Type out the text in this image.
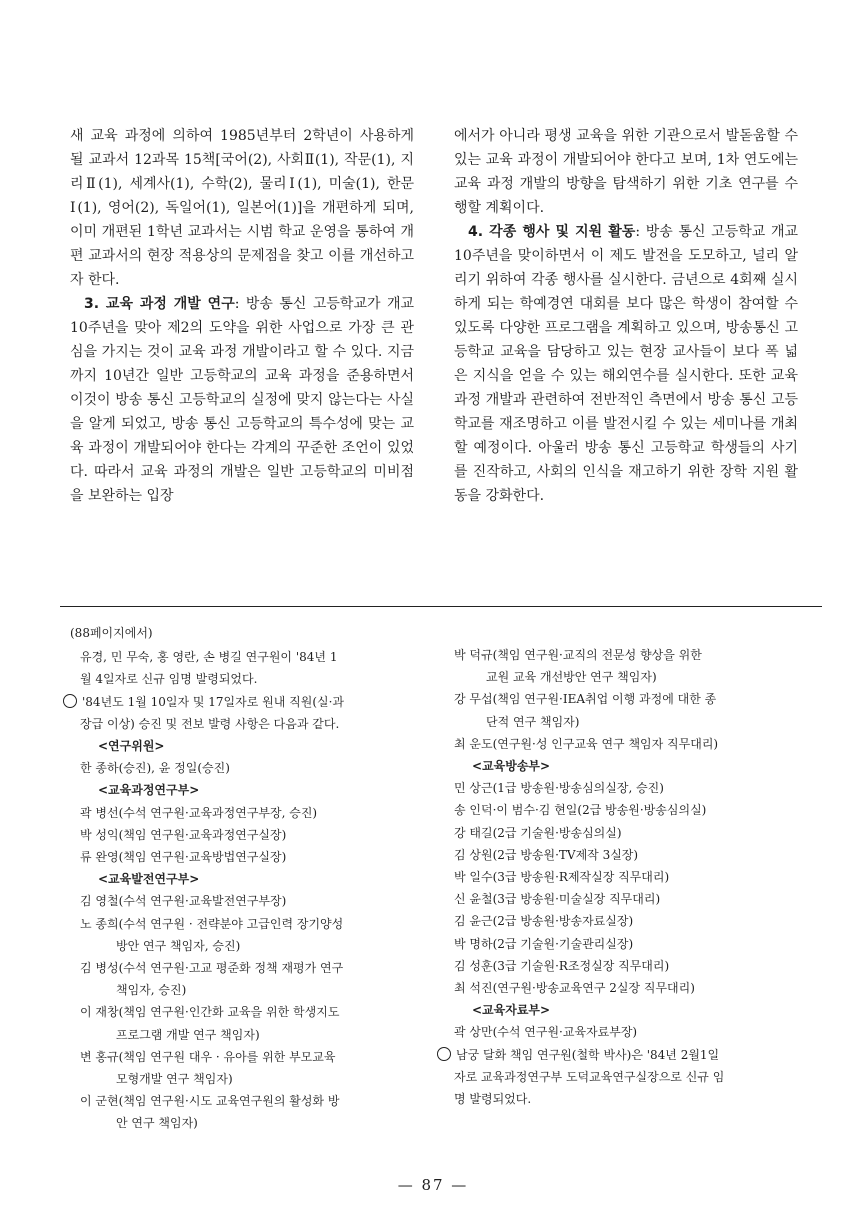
새 교육 과정에 의하여 1985년부터 2학년이 사용하게 될 교과서 12과목 15책[국어(2), 사회Ⅱ(1), 작문(1), 지리Ⅱ(1), 세계사(1), 수학(2), 물리Ⅰ(1), 미술(1), 한문Ⅰ(1), 영어(2), 독일어(1), 일본어(1)]을 개편하게 되며, 이미 개편된 1학년 교과서는 시범 학교 운영을 통하여 개편 교과서의 현장 적용상의 문제점을 찾고 이를 개선하고자 한다.

3. 교육 과정 개발 연구: 방송 통신 고등학교가 개교 10주년을 맞아 제2의 도약을 위한 사업으로 가장 큰 관심을 가지는 것이 교육 과정 개발이라고 할 수 있다. 지금까지 10년간 일반 고등학교의 교육 과정을 준용하면서 이것이 방송 통신 고등학교의 실정에 맞지 않는다는 사실을 알게 되었고, 방송 통신 고등학교의 특수성에 맞는 교육 과정이 개발되어야 한다는 각계의 꾸준한 조언이 있었다. 따라서 교육 과정의 개발은 일반 고등학교의 미비점을 보완하는 입장

에서가 아니라 평생 교육을 위한 기관으로서 발돋움할 수 있는 교육 과정이 개발되어야 한다고 보며, 1차 연도에는 교육 과정 개발의 방향을 탐색하기 위한 기초 연구를 수행할 계획이다.

4. 각종 행사 및 지원 활동: 방송 통신 고등학교 개교 10주년을 맞이하면서 이 제도 발전을 도모하고, 널리 알리기 위하여 각종 행사를 실시한다. 금년으로 4회째 실시하게 되는 학예경연 대회를 보다 많은 학생이 참여할 수 있도록 다양한 프로그램을 계획하고 있으며, 방송통신 고등학교 교육을 담당하고 있는 현장 교사들이 보다 폭 넓은 지식을 얻을 수 있는 해외연수를 실시한다. 또한 교육 과정 개발과 관련하여 전반적인 측면에서 방송 통신 고등학교를 재조명하고 이를 발전시킬 수 있는 세미나를 개최할 예정이다. 아울러 방송 통신 고등학교 학생들의 사기를 진작하고, 사회의 인식을 재고하기 위한 장학 지원 활동을 강화한다.

(88페이지에서)
유경, 민 무숙, 홍 영란, 손 병길 연구원이 '84년 1
월 4일자로 신규 임명 발령되었다.
'84년도 1월 10일자 및 17일자로 원내 직원(실·과
장급 이상) 승진 및 전보 발령 사항은 다음과 같다.
<연구위원>
한 종하(승진), 윤 정일(승진)
<교육과정연구부>
곽 병선(수석 연구원·교육과정연구부장, 승진)
박 성익(책임 연구원·교육과정연구실장)
류 완영(책임 연구원·교육방법연구실장)
<교육발전연구부>
김 영철(수석 연구원·교육발전연구부장)
노 종희(수석 연구원 · 전략분야 고급인력 장기양성
방안 연구 책임자, 승진)
김 병성(수석 연구원·고교 평준화 정책 재평가 연구
책임자, 승진)
이 재창(책임 연구원·인간화 교육을 위한 학생지도
프로그램 개발 연구 책임자)
변 홍규(책임 연구원 대우 · 유아를 위한 부모교육
모형개발 연구 책임자)
이 군현(책임 연구원·시도 교육연구원의 활성화 방
안 연구 책임자)
박 덕규(책임 연구원·교직의 전문성 향상을 위한
교원 교육 개선방안 연구 책임자)
강 무섭(책임 연구원·IEA취업 이행 과정에 대한 종
단적 연구 책임자)
최 운도(연구원·성 인구교육 연구 책임자 직무대리)
<교육방송부>
민 상근(1급 방송원·방송심의실장, 승진)
송 인덕·이 범수·김 현일(2급 방송원·방송심의실)
강 태길(2급 기술원·방송심의실)
김 상원(2급 방송원·TV제작 3실장)
박 일수(3급 방송원·R제작실장 직무대리)
신 윤철(3급 방송원·미술실장 직무대리)
김 윤근(2급 방송원·방송자료실장)
박 명하(2급 기술원·기술관리실장)
김 성훈(3급 기술원·R조정실장 직무대리)
최 석진(연구원·방송교육연구 2실장 직무대리)
<교육자료부>
곽 상만(수석 연구원·교육자료부장)
남궁 달화 책임 연구원(철학 박사)은 '84년 2월1일
자로 교육과정연구부 도덕교육연구실장으로 신규 임
명 발령되었다.
— 87 —
